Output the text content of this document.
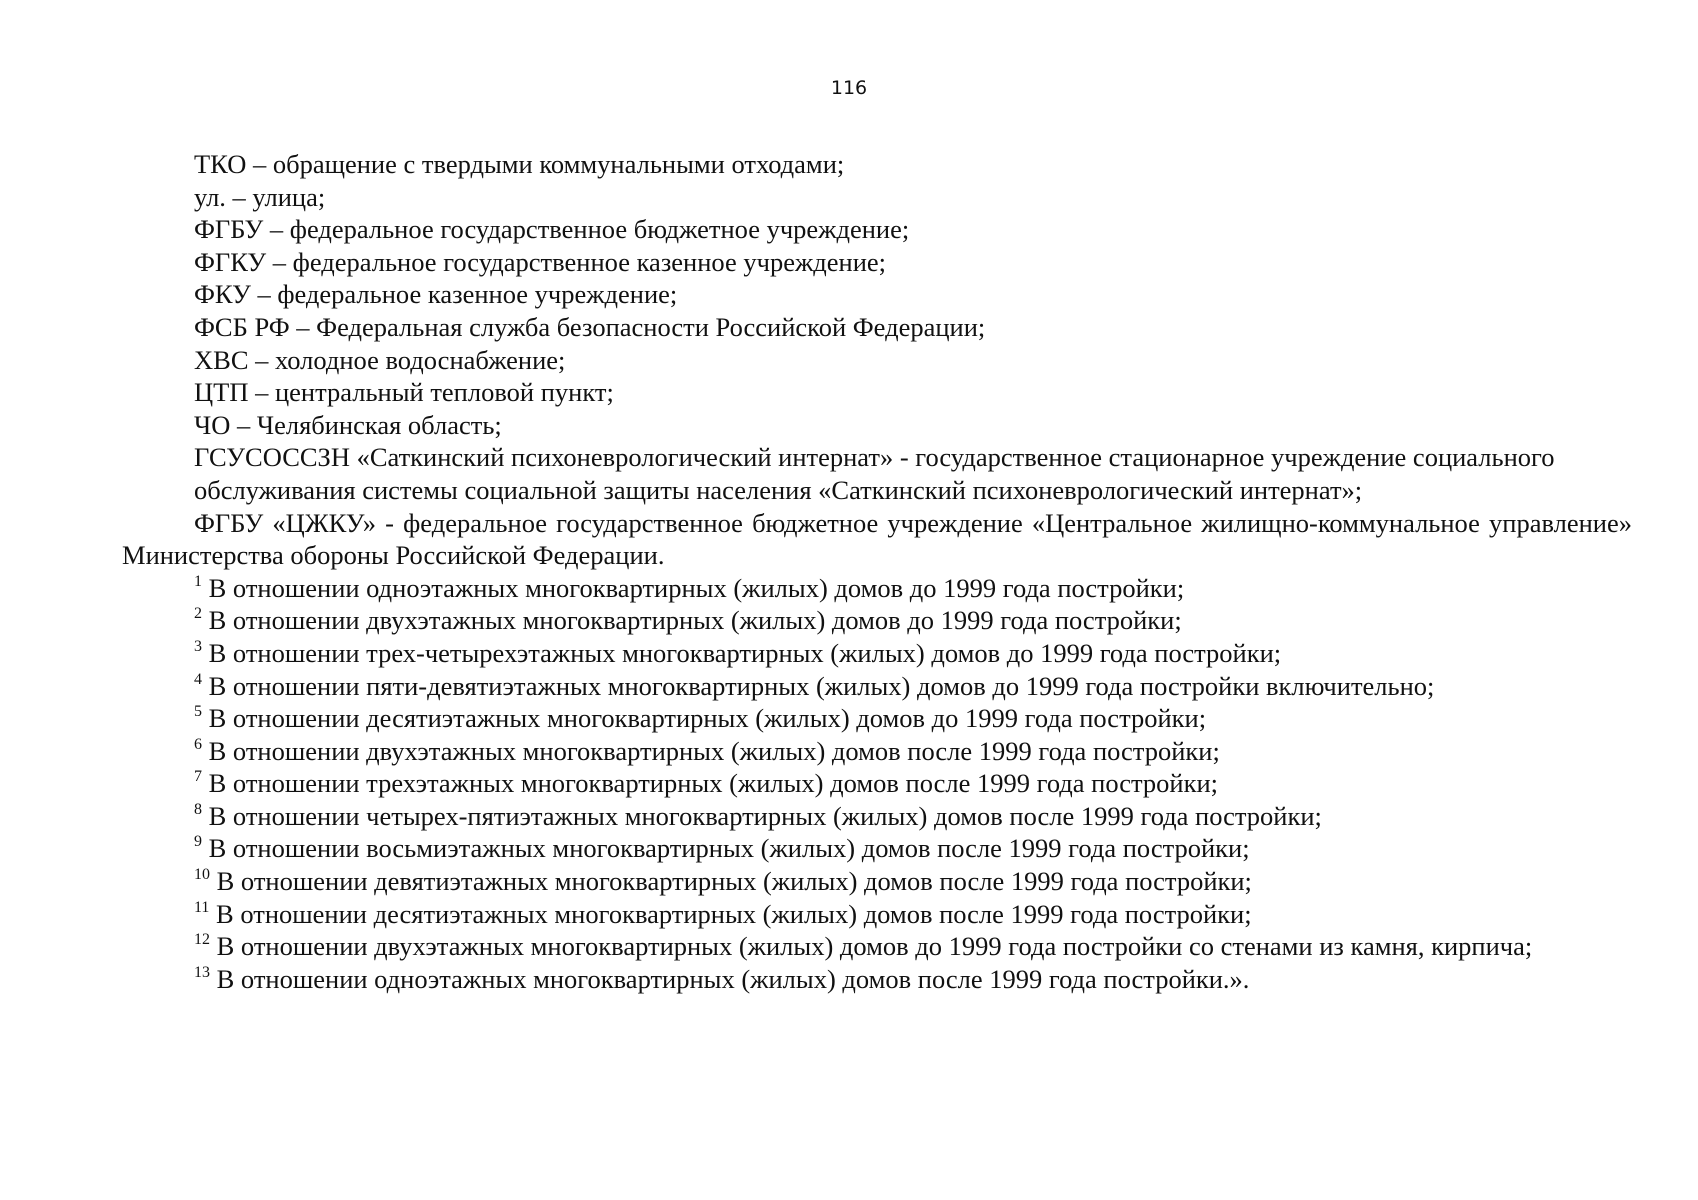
116

ТКО – обращение с твердыми коммунальными отходами;

ул. – улица;

ФГБУ – федеральное государственное бюджетное учреждение;

ФГКУ – федеральное государственное казенное учреждение;

ФКУ – федеральное казенное учреждение;

ФСБ РФ – Федеральная служба безопасности Российской Федерации;

ХВС – холодное водоснабжение;

ЦТП – центральный тепловой пункт;

ЧО – Челябинская область;

ГСУСОССЗН «Саткинский психоневрологический интернат» - государственное стационарное учреждение социального

обслуживания системы социальной защиты населения «Саткинский психоневрологический интернат»;

ФГБУ «ЦЖКУ» - федеральное государственное бюджетное учреждение «Центральное жилищно-коммунальное управление» Министерства обороны Российской Федерации.

$^1$ В отношении одноэтажных многоквартирных (жилых) домов до 1999 года постройки;

$^2$ В отношении двухэтажных многоквартирных (жилых) домов до 1999 года постройки;

$^3$ В отношении трех-четырехэтажных многоквартирных (жилых) домов до 1999 года постройки;

$^4$ В отношении пяти-девятиэтажных многоквартирных (жилых) домов до 1999 года постройки включительно;

$^5$ В отношении десятиэтажных многоквартирных (жилых) домов до 1999 года постройки;

$^6$ В отношении двухэтажных многоквартирных (жилых) домов после 1999 года постройки;

$^7$ В отношении трехэтажных многоквартирных (жилых) домов после 1999 года постройки;

$^8$ В отношении четырех-пятиэтажных многоквартирных (жилых) домов после 1999 года постройки;

$^9$ В отношении восьмиэтажных многоквартирных (жилых) домов после 1999 года постройки;

$^{10}$ В отношении девятиэтажных многоквартирных (жилых) домов после 1999 года постройки;

$^{11}$ В отношении десятиэтажных многоквартирных (жилых) домов после 1999 года постройки;

$^{12}$ В отношении двухэтажных многоквартирных (жилых) домов до 1999 года постройки со стенами из камня, кирпича;

$^{13}$ В отношении одноэтажных многоквартирных (жилых) домов после 1999 года постройки.».
